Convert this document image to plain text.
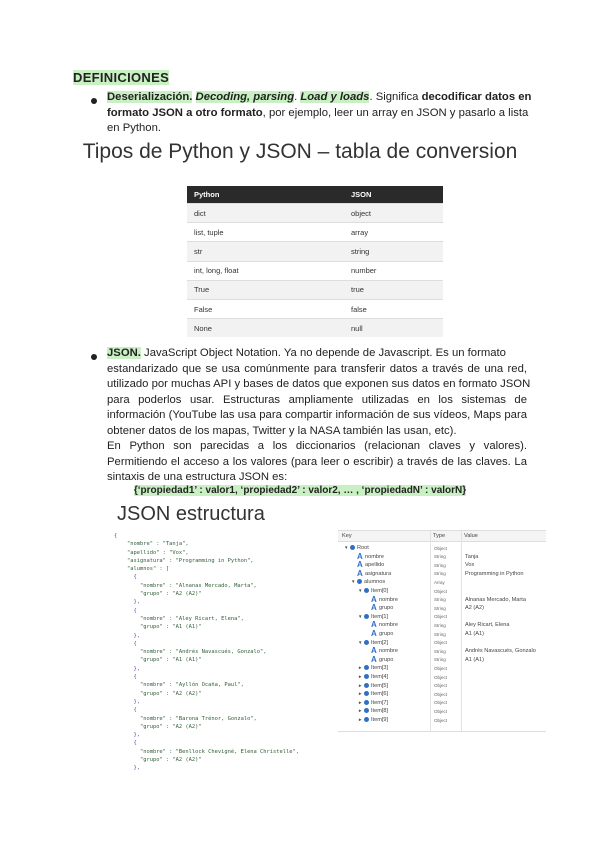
DEFINICIONES
Deserialización. Decoding, parsing. Load y loads. Significa decodificar datos en
formato JSON a otro formato, por ejemplo, leer un array en JSON y pasarlo a lista
en Python.
Tipos de Python y JSON – tabla de conversion
Python	JSON
dict	object
list, tuple	array
str	string
int, long, float	number
True	true
False	false
None	null
JSON. JavaScript Object Notation. Ya no depende de Javascript. Es un formato
estandarizado que se usa comúnmente para transferir datos a través de una red,
utilizado por muchas API y bases de datos que exponen sus datos en formato JSON
para poderlos usar. Estructuras ampliamente utilizadas en los sistemas de
información (YouTube las usa para compartir información de sus vídeos, Maps para
obtener datos de los mapas, Twitter y la NASA también las usan, etc).
En Python son parecidas a los diccionarios (relacionan claves y valores).
Permitiendo el acceso a los valores (para leer o escribir) a través de las claves. La
sintaxis de una estructura JSON es:
{‘propiedad1’ : valor1, ‘propiedad2’ : valor2, … , ‘propiedadN’ : valorN}
JSON estructura
{
"nombre" : "Tanja",
"apellido" : "Vox",
"asignatura" : "Programming in Python",
"alumnos" : [
{
"nombre" : "Alnanas Mercado, Marta",
"grupo" : "A2 (A2)"
},
{
"nombre" : "Aley Ricart, Elena",
"grupo" : "A1 (A1)"
},
{
"nombre" : "Andrés Navascués, Gonzalo",
"grupo" : "A1 (A1)"
},
{
"nombre" : "Ayllón Ocaña, Paul",
"grupo" : "A2 (A2)"
},
{
"nombre" : "Barona Trénor, Gonzalo",
"grupo" : "A2 (A2)"
},
{
"nombre" : "Benllock Chevigné, Elena Christelle",
"grupo" : "A2 (A2)"
},
Key	Type	Value
▼ Root	Object
A nombre	String	Tanja
A apellido	String	Vox
A asignatura	String	Programming in Python
▼ alumnos	Array
▼ Item[0]	Object
A nombre	String	Alnanas Mercado, Marta
A grupo	String	A2 (A2)
▼ Item[1]	Object
A nombre	String	Aley Ricart, Elena
A grupo	String	A1 (A1)
▼ Item[2]	Object
A nombre	String	Andrés Navascués, Gonzalo
A grupo	String	A1 (A1)
► Item[3]	Object
► Item[4]	Object
► Item[5]	Object
► Item[6]	Object
► Item[7]	Object
► Item[8]	Object
► Item[9]	Object
